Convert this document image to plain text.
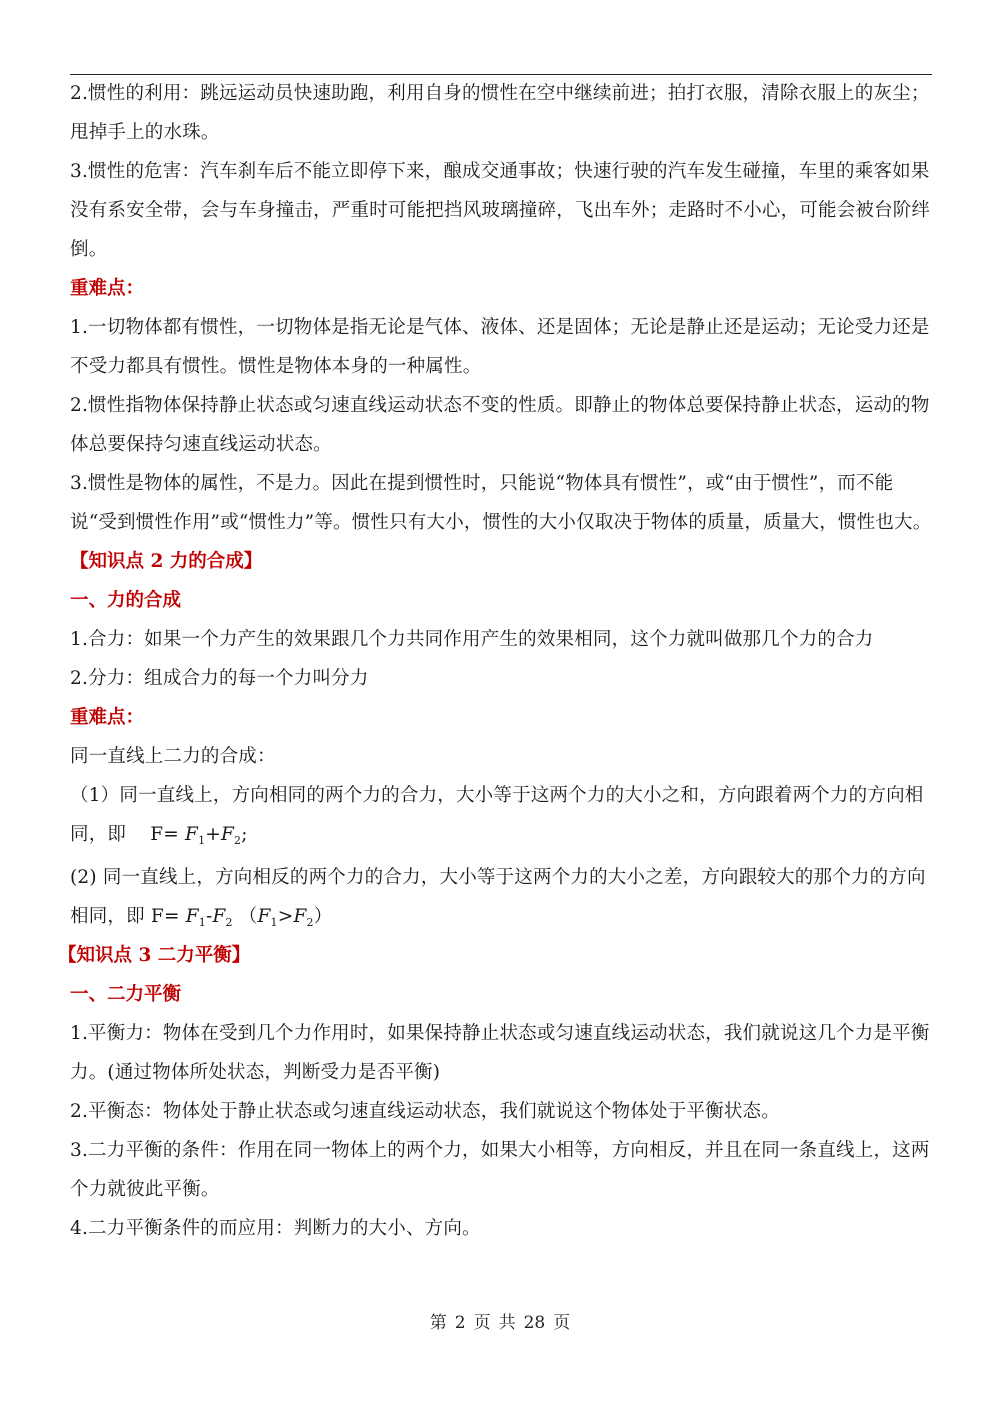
2.惯性的利用：跳远运动员快速助跑，利用自身的惯性在空中继续前进；拍打衣服，清除衣服上的灰尘；甩掉手上的水珠。

3.惯性的危害：汽车刹车后不能立即停下来，酿成交通事故；快速行驶的汽车发生碰撞，车里的乘客如果没有系安全带，会与车身撞击，严重时可能把挡风玻璃撞碎，飞出车外；走路时不小心，可能会被台阶绊倒。

重难点：

1.一切物体都有惯性，一切物体是指无论是气体、液体、还是固体；无论是静止还是运动；无论受力还是不受力都具有惯性。惯性是物体本身的一种属性。

2.惯性指物体保持静止状态或匀速直线运动状态不变的性质。即静止的物体总要保持静止状态，运动的物体总要保持匀速直线运动状态。

3.惯性是物体的属性，不是力。因此在提到惯性时，只能说“物体具有惯性”，或“由于惯性”，而不能说“受到惯性作用”或“惯性力”等。惯性只有大小，惯性的大小仅取决于物体的质量，质量大，惯性也大。

【知识点 2 力的合成】

一、力的合成

1.合力：如果一个力产生的效果跟几个力共同作用产生的效果相同，这个力就叫做那几个力的合力

2.分力：组成合力的每一个力叫分力

重难点：

同一直线上二力的合成：

（1）同一直线上，方向相同的两个力的合力，大小等于这两个力的大小之和，方向跟着两个力的方向相同，即 $F= F_1+F_2$;

(2) 同一直线上，方向相反的两个力的合力，大小等于这两个力的大小之差，方向跟较大的那个力的方向相同，即 $F= F_1-F_2$ $(F_1>F_2)$

【知识点 3 二力平衡】

一、二力平衡

1.平衡力：物体在受到几个力作用时，如果保持静止状态或匀速直线运动状态，我们就说这几个力是平衡力。(通过物体所处状态，判断受力是否平衡)

2.平衡态：物体处于静止状态或匀速直线运动状态，我们就说这个物体处于平衡状态。

3.二力平衡的条件：作用在同一物体上的两个力，如果大小相等，方向相反，并且在同一条直线上，这两个力就彼此平衡。

4.二力平衡条件的而应用：判断力的大小、方向。

第 2 页 共 28 页
